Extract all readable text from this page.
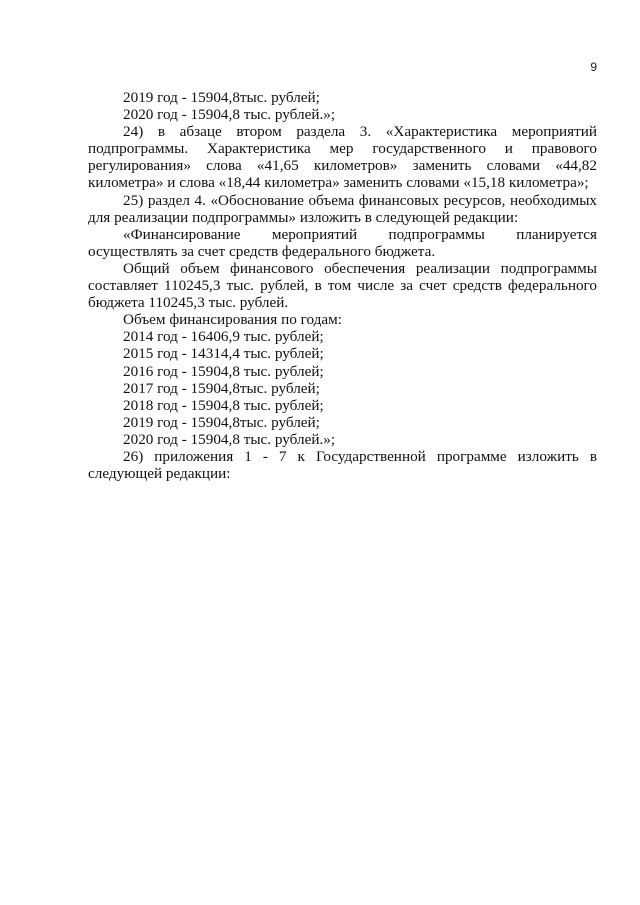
9

2019 год - 15904,8тыс. рублей;

2020 год - 15904,8 тыс. рублей.»;

24) в абзаце втором раздела 3. «Характеристика мероприятий подпрограммы. Характеристика мер государственного и правового регулирования» слова «41,65 километров» заменить словами «44,82 километра» и слова «18,44 километра» заменить словами «15,18 километра»;

25) раздел 4. «Обоснование объема финансовых ресурсов, необходимых для реализации подпрограммы» изложить в следующей редакции:

«Финансирование мероприятий подпрограммы планируется

осуществлять за счет средств федерального бюджета.

Общий объем финансового обеспечения реализации подпрограммы составляет 110245,3 тыс. рублей, в том числе за счет средств федерального бюджета 110245,3 тыс. рублей.

Объем финансирования по годам:

2014 год - 16406,9 тыс. рублей;

2015 год - 14314,4 тыс. рублей;

2016 год - 15904,8 тыс. рублей;

2017 год - 15904,8тыс. рублей;

2018 год - 15904,8 тыс. рублей;

2019 год - 15904,8тыс. рублей;

2020 год - 15904,8 тыс. рублей.»;

26) приложения 1 - 7 к Государственной программе изложить в следующей редакции:
